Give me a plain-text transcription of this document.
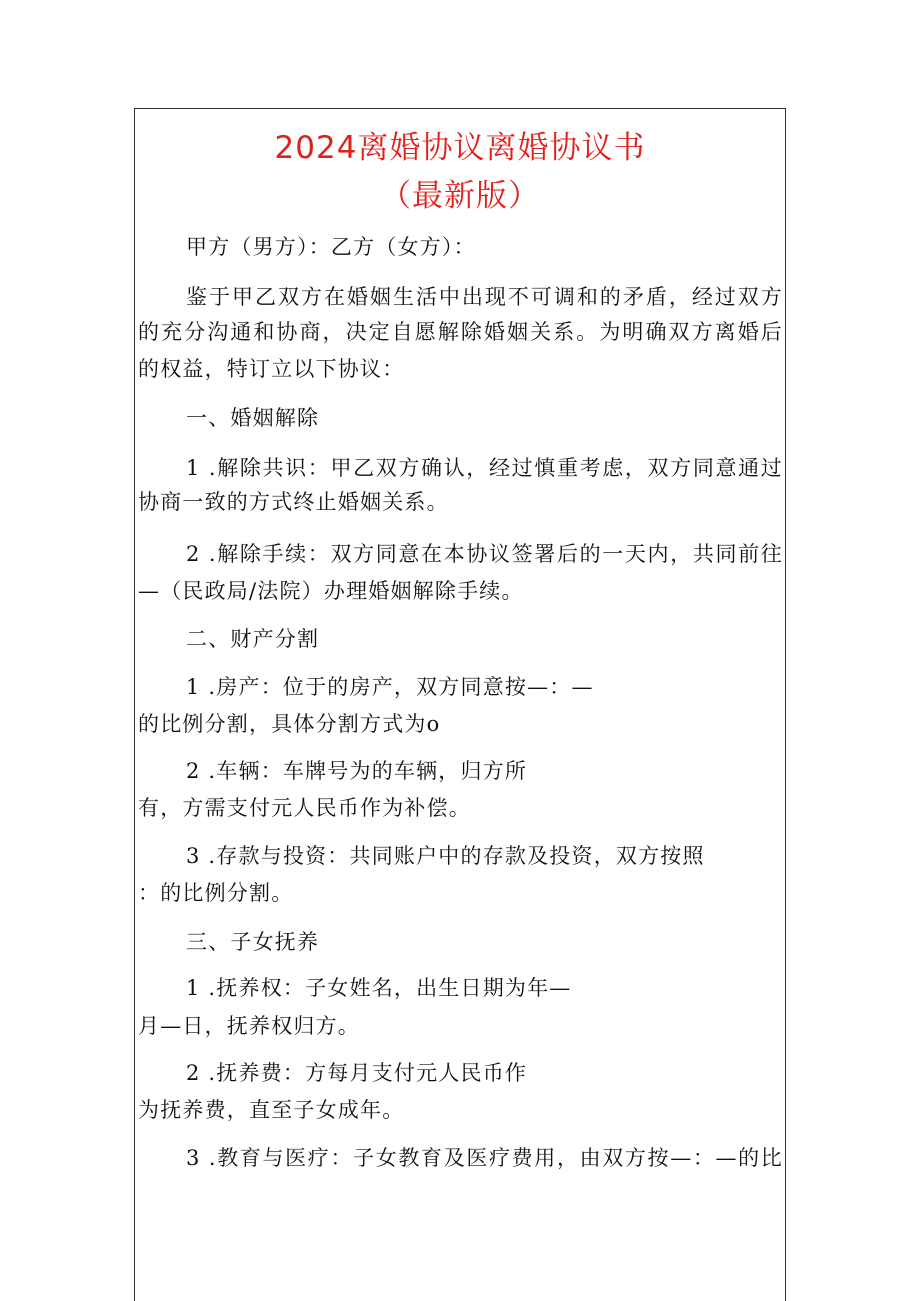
2024离婚协议离婚协议书
（最新版）
甲方（男方）：乙方（女方）：
鉴于甲乙双方在婚姻生活中出现不可调和的矛盾，经过双方
的充分沟通和协商，决定自愿解除婚姻关系。为明确双方离婚后
的权益，特订立以下协议：
一、婚姻解除
1 .解除共识：甲乙双方确认，经过慎重考虑，双方同意通过
协商一致的方式终止婚姻关系。
2 .解除手续：双方同意在本协议签署后的一天内，共同前往
—（民政局/法院）办理婚姻解除手续。
二、财产分割
1 .房产：位于的房产，双方同意按—：—
的比例分割，具体分割方式为o
2 .车辆：车牌号为的车辆，归方所
有，方需支付元人民币作为补偿。
3 .存款与投资：共同账户中的存款及投资，双方按照
：的比例分割。
三、子女抚养
1 .抚养权：子女姓名，出生日期为年—
月—日，抚养权归方。
2 .抚养费：方每月支付元人民币作
为抚养费，直至子女成年。
3 .教育与医疗：子女教育及医疗费用，由双方按—：—的比
